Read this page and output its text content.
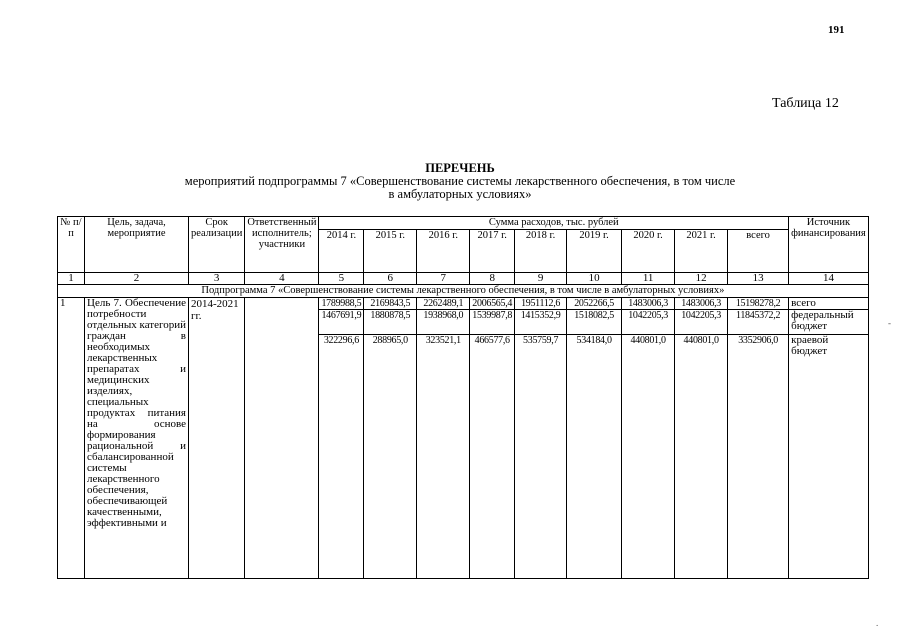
191
Таблица 12
ПЕРЕЧЕНЬ
мероприятий подпрограммы 7 «Совершенствование системы лекарственного обеспечения, в том числе
в амбулаторных условиях»
-
.
№ п/п	Цель, задача, мероприятие	Срок реализации	Ответственный исполнитель; участники	Сумма расходов, тыс. рублей									Источник финансирования
				2014 г.	2015 г.	2016 г.	2017 г.	2018 г.	2019 г.	2020 г.	2021 г.	всего	
1	2	3	4	5	6	7	8	9	10	11	12	13	14
Подпрограмма 7 «Совершенствование системы лекарственного обеспечения, в том числе в амбулаторных условиях»													
1	Цель 7. Обеспечение потребности отдельных категорий граждан в необходимых лекарственных препаратах и медицинских изделиях, специальных продуктах питания на основе формирования рациональной и сбалансированной системы лекарственного обеспечения, обеспечивающей качественными, эффективными и	2014-2021 гг.		1789988,5	2169843,5	2262489,1	2006565,4	1951112,6	2052266,5	1483006,3	1483006,3	15198278,2	всего
				1467691,9	1880878,5	1938968,0	1539987,8	1415352,9	1518082,5	1042205,3	1042205,3	11845372,2	федеральный бюджет
				322296,6	288965,0	323521,1	466577,6	535759,7	534184,0	440801,0	440801,0	3352906,0	краевой бюджет
